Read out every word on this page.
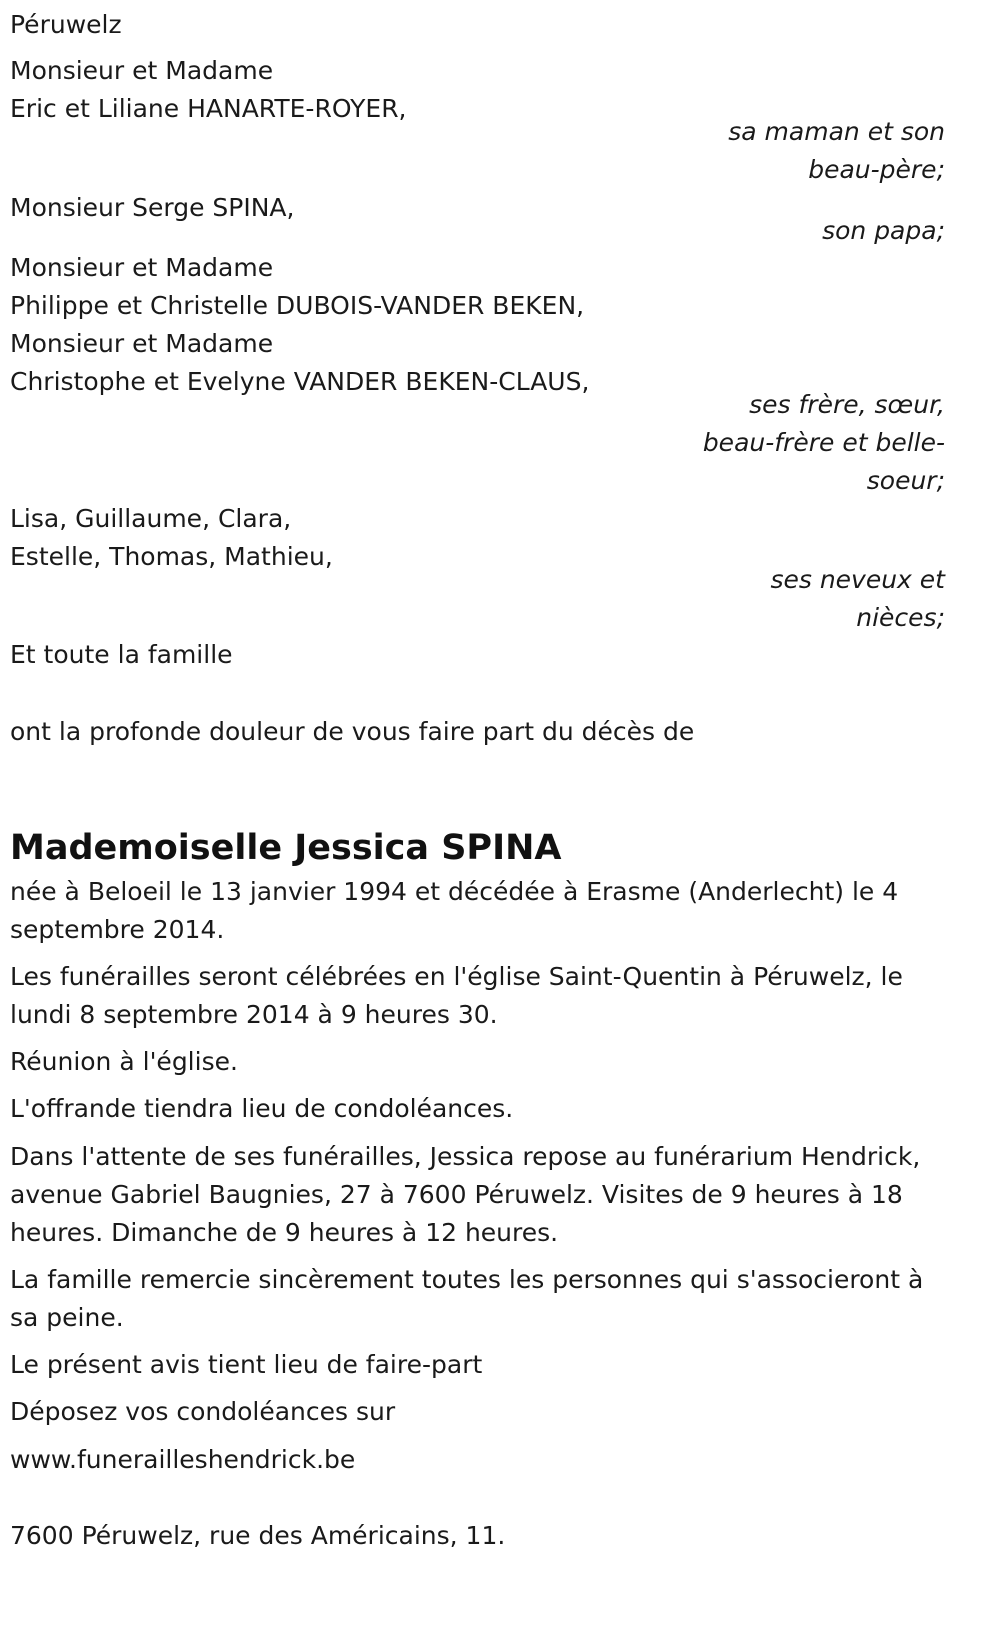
Péruwelz

Monsieur et Madame

Eric et Liliane HANARTE-ROYER,

sa maman et son

beau-père;

Monsieur Serge SPINA,

son papa;

Monsieur et Madame

Philippe et Christelle DUBOIS-VANDER BEKEN,

Monsieur et Madame

Christophe et Evelyne VANDER BEKEN-CLAUS,

ses frère, sœur,

beau-frère et belle-

soeur;

Lisa, Guillaume, Clara,

Estelle, Thomas, Mathieu,

ses neveux et

nièces;

Et toute la famille

ont la profonde douleur de vous faire part du décès de

Mademoiselle Jessica SPINA

née à Beloeil le 13 janvier 1994 et décédée à Erasme (Anderlecht) le 4

septembre 2014.

Les funérailles seront célébrées en l'église Saint-Quentin à Péruwelz, le

lundi 8 septembre 2014 à 9 heures 30.

Réunion à l'église.

L'offrande tiendra lieu de condoléances.

Dans l'attente de ses funérailles, Jessica repose au funérarium Hendrick,

avenue Gabriel Baugnies, 27 à 7600 Péruwelz. Visites de 9 heures à 18

heures. Dimanche de 9 heures à 12 heures.

La famille remercie sincèrement toutes les personnes qui s'associeront à

sa peine.

Le présent avis tient lieu de faire-part

Déposez vos condoléances sur

www.funerailleshendrick.be

7600 Péruwelz, rue des Américains, 11.
